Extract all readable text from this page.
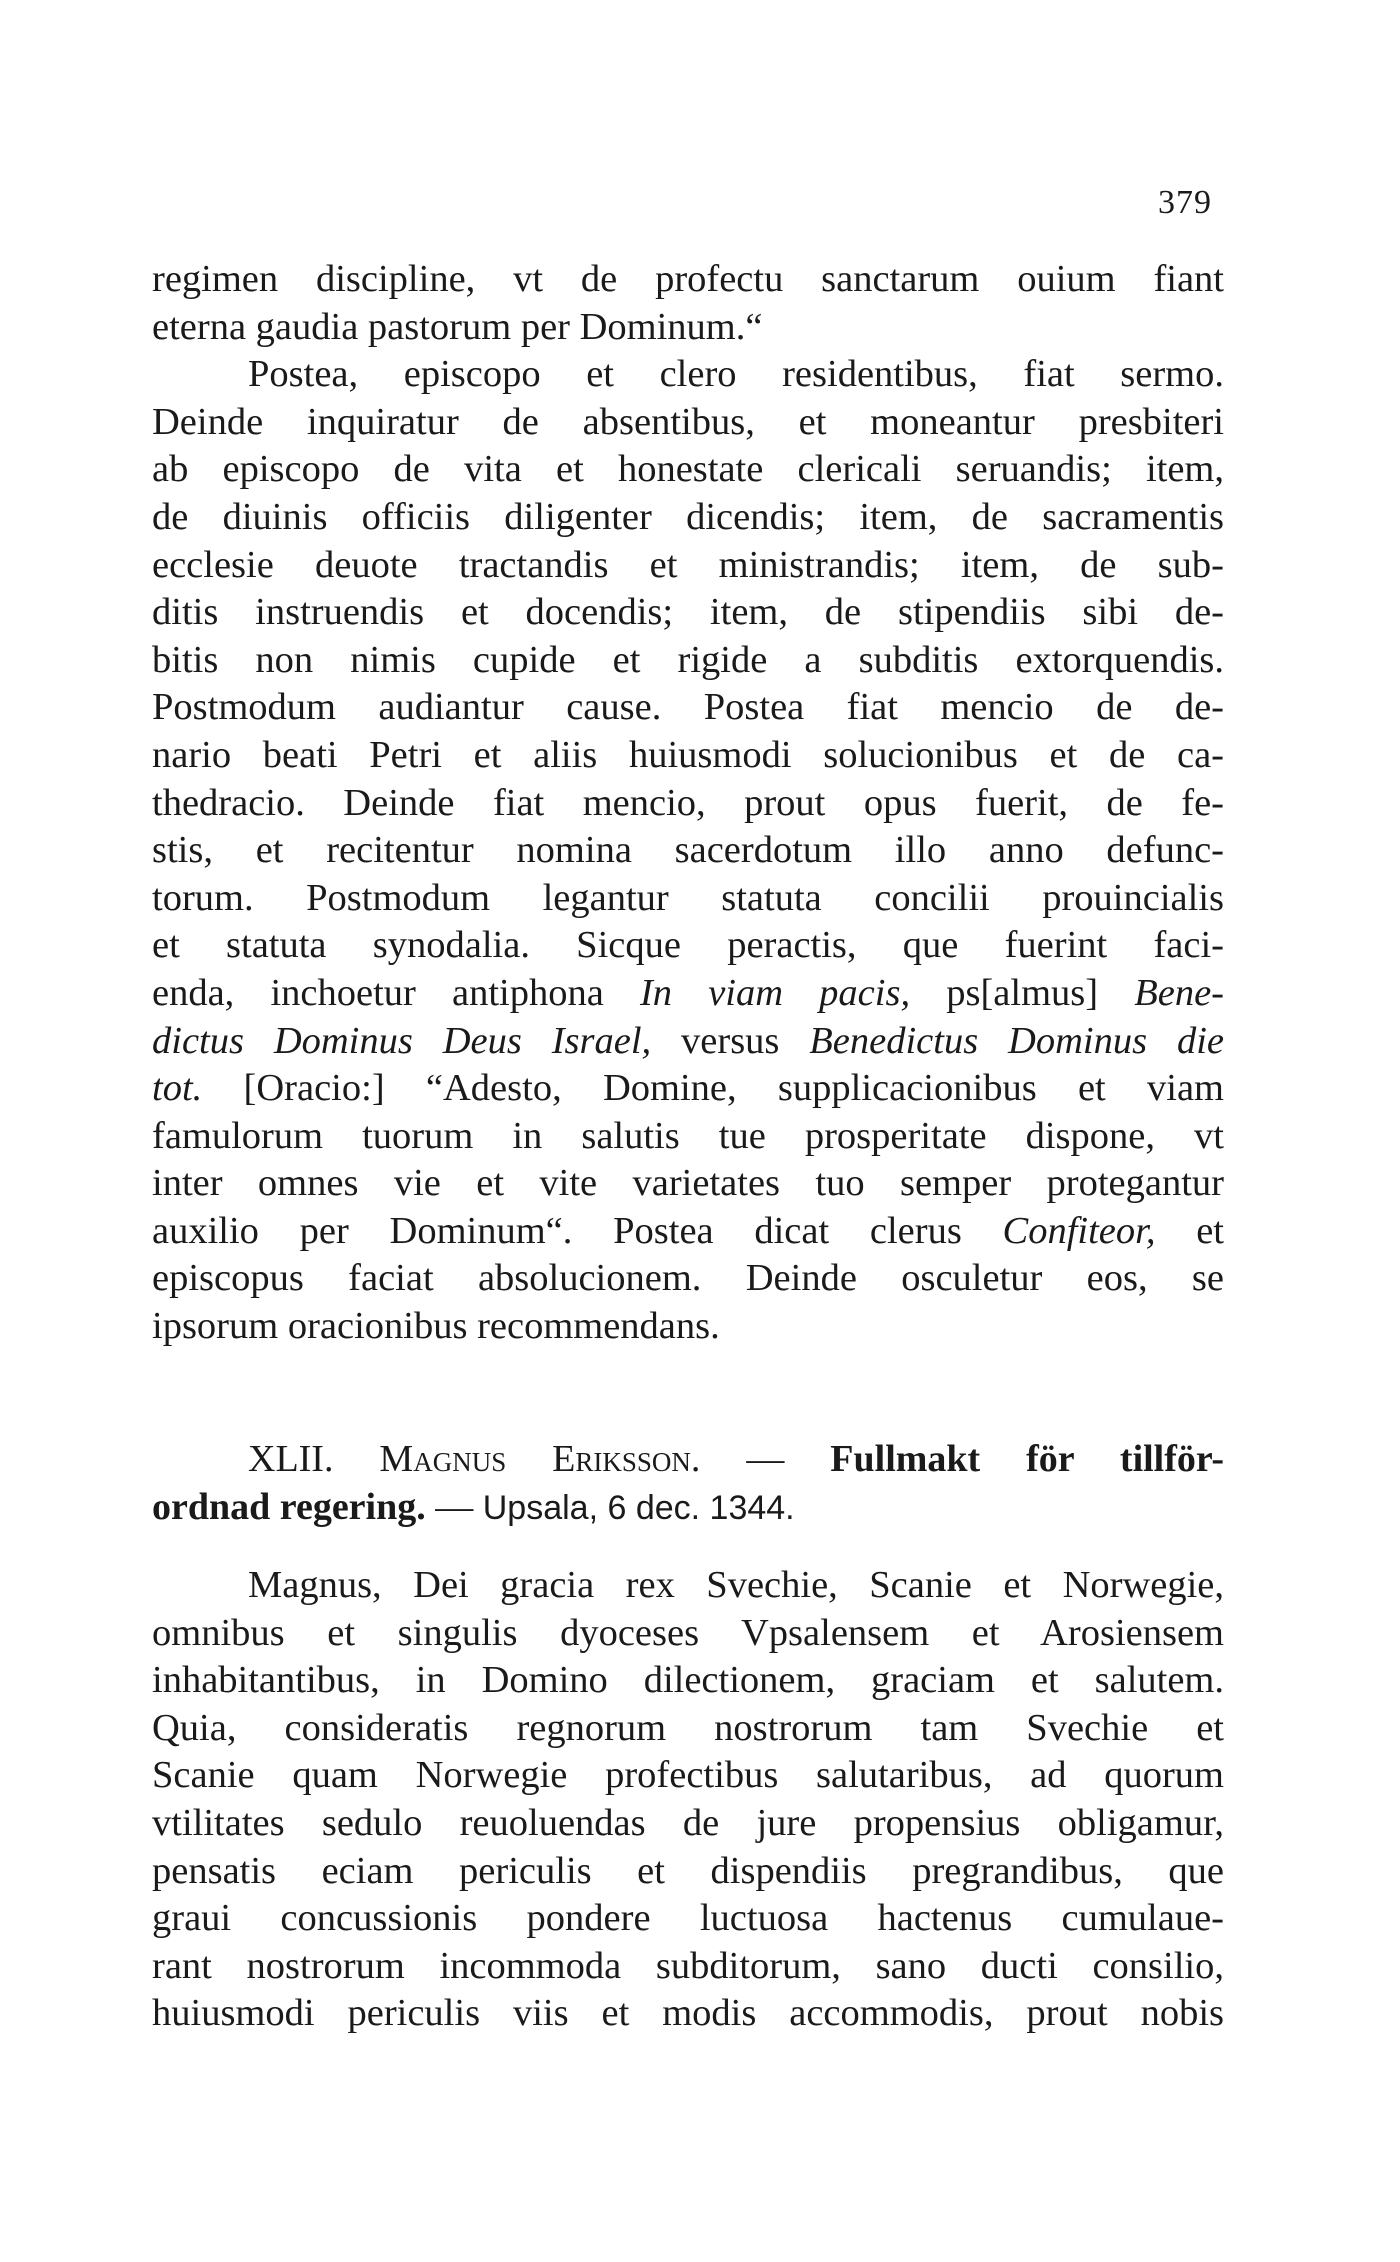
379
regimen discipline, vt de profectu sanctarum ouium fiant
eterna gaudia pastorum per Dominum.“
Postea, episcopo et clero residentibus, fiat sermo.
Deinde inquiratur de absentibus, et moneantur presbiteri
ab episcopo de vita et honestate clericali seruandis; item,
de diuinis officiis diligenter dicendis; item, de sacramentis
ecclesie deuote tractandis et ministrandis; item, de sub-
ditis instruendis et docendis; item, de stipendiis sibi de-
bitis non nimis cupide et rigide a subditis extorquendis.
Postmodum audiantur cause. Postea fiat mencio de de-
nario beati Petri et aliis huiusmodi solucionibus et de ca-
thedracio. Deinde fiat mencio, prout opus fuerit, de fe-
stis, et recitentur nomina sacerdotum illo anno defunc-
torum. Postmodum legantur statuta concilii prouincialis
et statuta synodalia. Sicque peractis, que fuerint faci-
enda, inchoetur antiphona In viam pacis, ps[almus] Bene-
dictus Dominus Deus Israel, versus Benedictus Dominus die
tot. [Oracio:] “Adesto, Domine, supplicacionibus et viam
famulorum tuorum in salutis tue prosperitate dispone, vt
inter omnes vie et vite varietates tuo semper protegantur
auxilio per Dominum“. Postea dicat clerus Confiteor, et
episcopus faciat absolucionem. Deinde osculetur eos, se
ipsorum oracionibus recommendans.
XLII. Magnus Eriksson. — Fullmakt för tillför-
ordnad regering. — Upsala, 6 dec. 1344.
Magnus, Dei gracia rex Svechie, Scanie et Norwegie,
omnibus et singulis dyoceses Vpsalensem et Arosiensem
inhabitantibus, in Domino dilectionem, graciam et salutem.
Quia, consideratis regnorum nostrorum tam Svechie et
Scanie quam Norwegie profectibus salutaribus, ad quorum
vtilitates sedulo reuoluendas de jure propensius obligamur,
pensatis eciam periculis et dispendiis pregrandibus, que
graui concussionis pondere luctuosa hactenus cumulaue-
rant nostrorum incommoda subditorum, sano ducti consilio,
huiusmodi periculis viis et modis accommodis, prout nobis
